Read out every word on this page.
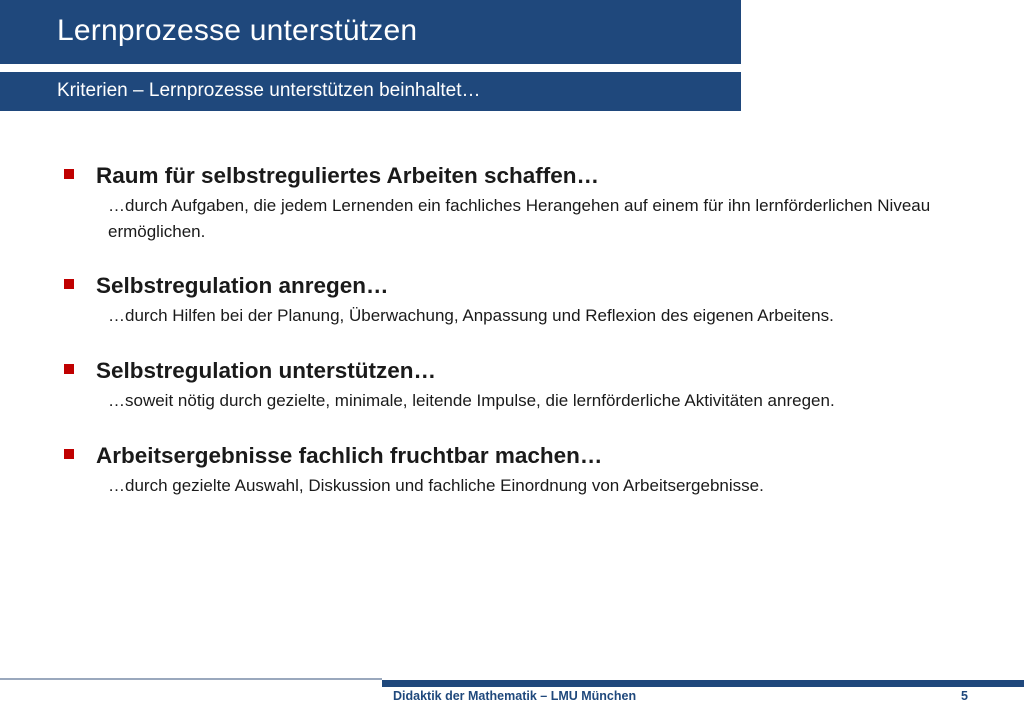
Lernprozesse unterstützen
Kriterien – Lernprozesse unterstützen beinhaltet…
Raum für selbstreguliertes Arbeiten schaffen…
…durch Aufgaben, die jedem Lernenden ein fachliches Herangehen auf einem für ihn lernförderlichen Niveau ermöglichen.
Selbstregulation anregen…
…durch Hilfen bei der Planung, Überwachung, Anpassung und Reflexion des eigenen Arbeitens.
Selbstregulation unterstützen…
…soweit nötig durch gezielte, minimale, leitende Impulse, die lernförderliche Aktivitäten anregen.
Arbeitsergebnisse fachlich fruchtbar machen…
…durch gezielte Auswahl, Diskussion und fachliche Einordnung von Arbeitsergebnisse.
Didaktik der Mathematik – LMU München	5
